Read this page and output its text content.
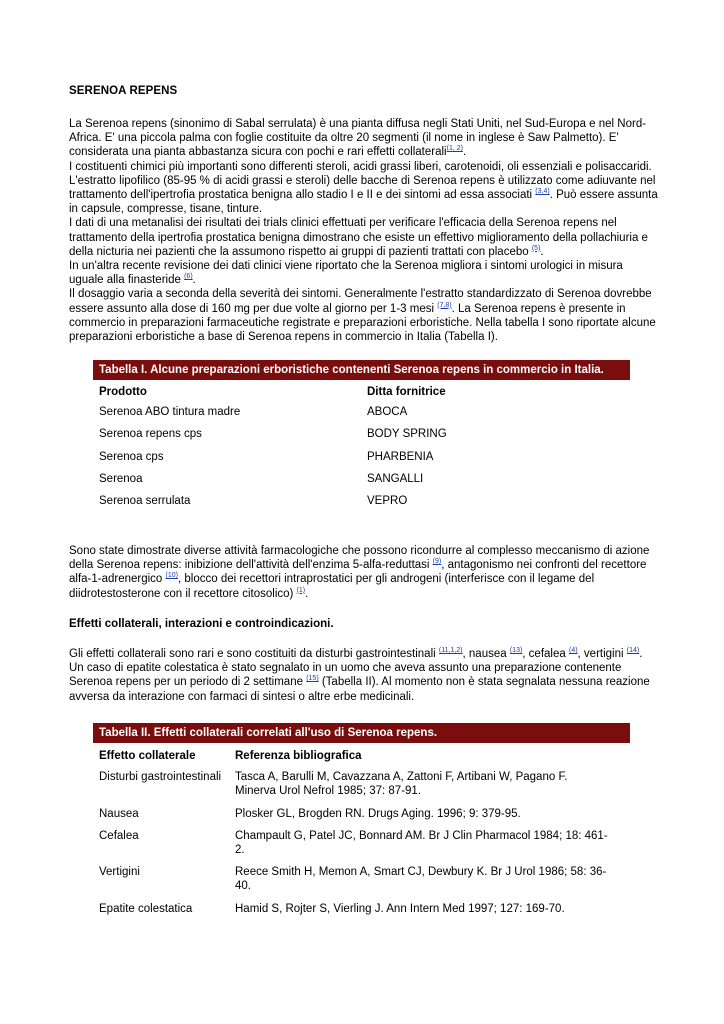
SERENOA REPENS

La Serenoa repens (sinonimo di Sabal serrulata) è una pianta diffusa negli Stati Uniti, nel Sud-Europa e nel Nord-Africa. E' una piccola palma con foglie costituite da oltre 20 segmenti (il nome in inglese è Saw Palmetto). E' considerata una pianta abbastanza sicura con pochi e rari effetti collaterali$^{(1, 2)}$.
I costituenti chimici più importanti sono differenti steroli, acidi grassi liberi, carotenoidi, oli essenziali e polisaccaridi. L'estratto lipofilico (85-95 % di acidi grassi e steroli) delle bacche di Serenoa repens è utilizzato come adiuvante nel trattamento dell'ipertrofia prostatica benigna allo stadio I e II e dei sintomi ad essa associati $^{(3,4)}$. Può essere assunta in capsule, compresse, tisane, tinture.
I dati di una metanalisi dei risultati dei trials clinici effettuati per verificare l'efficacia della Serenoa repens nel trattamento della ipertrofia prostatica benigna dimostrano che esiste un effettivo miglioramento della pollachiuria e della nicturia nei pazienti che la assumono rispetto ai gruppi di pazienti trattati con placebo $^{(5)}$.
In un'altra recente revisione dei dati clinici viene riportato che la Serenoa migliora i sintomi urologici in misura uguale alla finasteride $^{(6)}$.
Il dosaggio varia a seconda della severità dei sintomi. Generalmente l'estratto standardizzato di Serenoa dovrebbe essere assunto alla dose di 160 mg per due volte al giorno per 1-3 mesi $^{(7,8)}$. La Serenoa repens è presente in commercio in preparazioni farmaceutiche registrate e preparazioni erboristiche. Nella tabella I sono riportate alcune preparazioni erboristiche a base di Serenoa repens in commercio in Italia (Tabella I).

Tabella I. Alcune preparazioni erboristiche contenenti Serenoa repens in commercio in Italia.	
Prodotto	Ditta fornitrice
Serenoa ABO tintura madre	ABOCA
Serenoa repens cps	BODY SPRING
Serenoa cps	PHARBENIA
Serenoa	SANGALLI
Serenoa serrulata	VEPRO

Sono state dimostrate diverse attività farmacologiche che possono ricondurre al complesso meccanismo di azione della Serenoa repens: inibizione dell'attività dell'enzima 5-alfa-reduttasi $^{(9)}$, antagonismo nei confronti del recettore alfa-1-adrenergico $^{(10)}$, blocco dei recettori intraprostatici per gli androgeni (interferisce con il legame del diidrotestosterone con il recettore citosolico) $^{(1)}$.

Effetti collaterali, interazioni e controindicazioni.

Gli effetti collaterali sono rari e sono costituiti da disturbi gastrointestinali $^{(11,1,2)}$, nausea $^{(13)}$, cefalea $^{(4)}$, vertigini $^{(14)}$. Un caso di epatite colestatica è stato segnalato in un uomo che aveva assunto una preparazione contenente Serenoa repens per un periodo di 2 settimane $^{(15)}$ (Tabella II). Al momento non è stata segnalata nessuna reazione avversa da interazione con farmaci di sintesi o altre erbe medicinali.

Tabella II. Effetti collaterali correlati all'uso di Serenoa repens.	
Effetto collaterale	Referenza bibliografica
Disturbi gastrointestinali	Tasca A, Barulli M, Cavazzana A, Zattoni F, Artibani W, Pagano F. Minerva Urol Nefrol 1985; 37: 87-91.
Nausea	Plosker GL, Brogden RN. Drugs Aging. 1996; 9: 379-95.
Cefalea	Champault G, Patel JC, Bonnard AM. Br J Clin Pharmacol 1984; 18: 461-2.
Vertigini	Reece Smith H, Memon A, Smart CJ, Dewbury K. Br J Urol 1986; 58: 36-40.
Epatite colestatica	Hamid S, Rojter S, Vierling J. Ann Intern Med 1997; 127: 169-70.
